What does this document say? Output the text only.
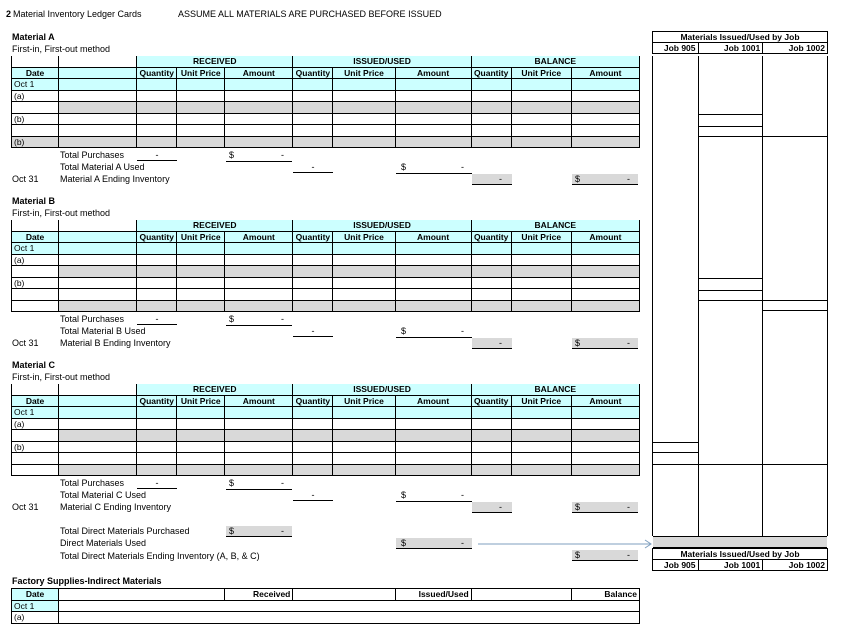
2 Material Inventory Ledger Cards	ASSUME ALL MATERIALS ARE PURCHASED BEFORE ISSUED
Material A
First-in, First-out method
		RECEIVED			ISSUED/USED			BALANCE		
Date		Quantity	Unit Price	Amount	Quantity	Unit Price	Amount	Quantity	Unit Price	Amount
Oct 1										
(a)										

(b)										

(b)										
Total Purchases	-	$	-
Total Material A Used	-	$	-
Oct 31 Material A Ending Inventory	-	$	-
Material B
First-in, First-out method
		RECEIVED			ISSUED/USED			BALANCE		
Date		Quantity	Unit Price	Amount	Quantity	Unit Price	Amount	Quantity	Unit Price	Amount
Oct 1										
(a)										

(b)										

Total Purchases	-	$	-
Total Material B Used	-	$	-
Oct 31 Material B Ending Inventory	-	$	-
Material C
First-in, First-out method
		RECEIVED			ISSUED/USED			BALANCE		
Date		Quantity	Unit Price	Amount	Quantity	Unit Price	Amount	Quantity	Unit Price	Amount
Oct 1										
(a)										

(b)										

Total Purchases	-	$	-
Total Material C Used	-	$	-
Oct 31 Material C Ending Inventory	-	$	-
Total Direct Materials Purchased	$	-
Direct Materials Used	$	-
Total Direct Materials Ending Inventory (A, B, & C)	$	-
Factory Supplies-Indirect Materials
Date				Received			Issued/Used			Balance
Oct 1										
(a)										
Materials Issued/Used by Job
Job 905	Job 1001	Job 1002
Materials Issued/Used by Job
Job 905	Job 1001	Job 1002
